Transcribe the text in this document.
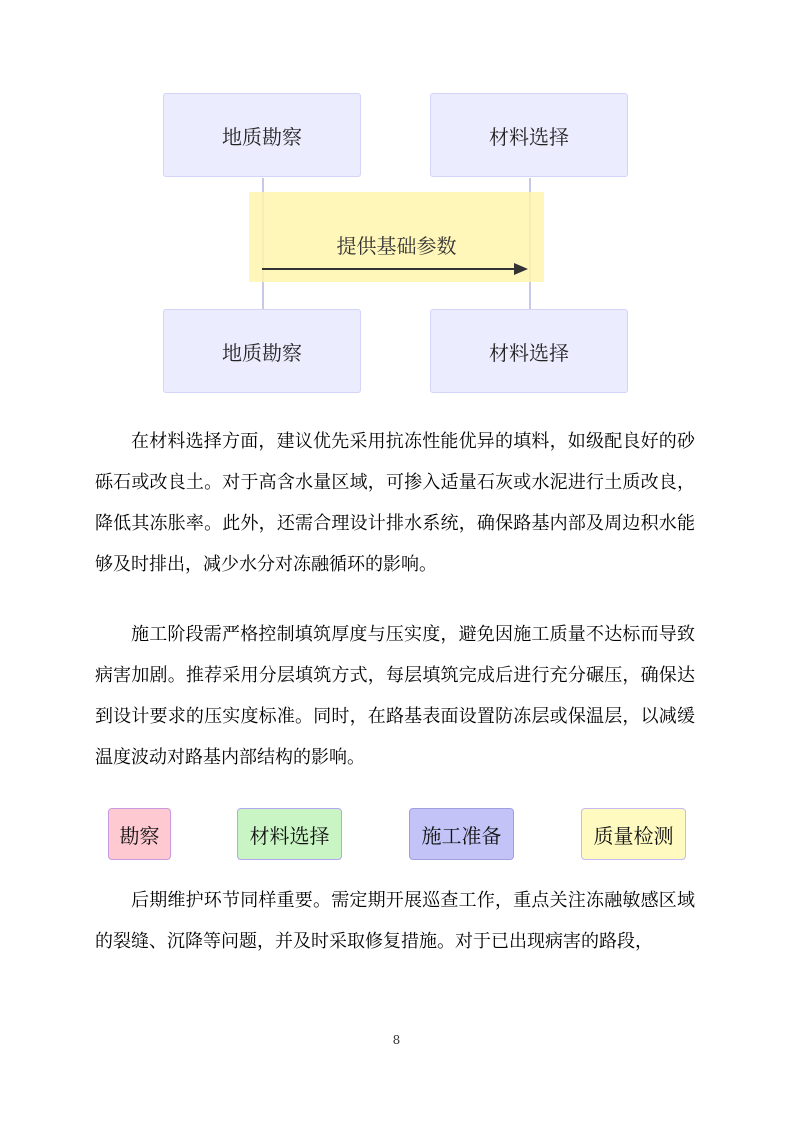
地质勘察	材料选择
提供基础参数
地质勘察	材料选择

在材料选择方面，建议优先采用抗冻性能优异的填料，如级配良好的砂砾石或改良土。对于高含水量区域，可掺入适量石灰或水泥进行土质改良，降低其冻胀率。此外，还需合理设计排水系统，确保路基内部及周边积水能够及时排出，减少水分对冻融循环的影响。

施工阶段需严格控制填筑厚度与压实度，避免因施工质量不达标而导致病害加剧。推荐采用分层填筑方式，每层填筑完成后进行充分碾压，确保达到设计要求的压实度标准。同时，在路基表面设置防冻层或保温层，以减缓温度波动对路基内部结构的影响。

勘察	材料选择	施工准备	质量检测

后期维护环节同样重要。需定期开展巡查工作，重点关注冻融敏感区域的裂缝、沉降等问题，并及时采取修复措施。对于已出现病害的路段，

8
